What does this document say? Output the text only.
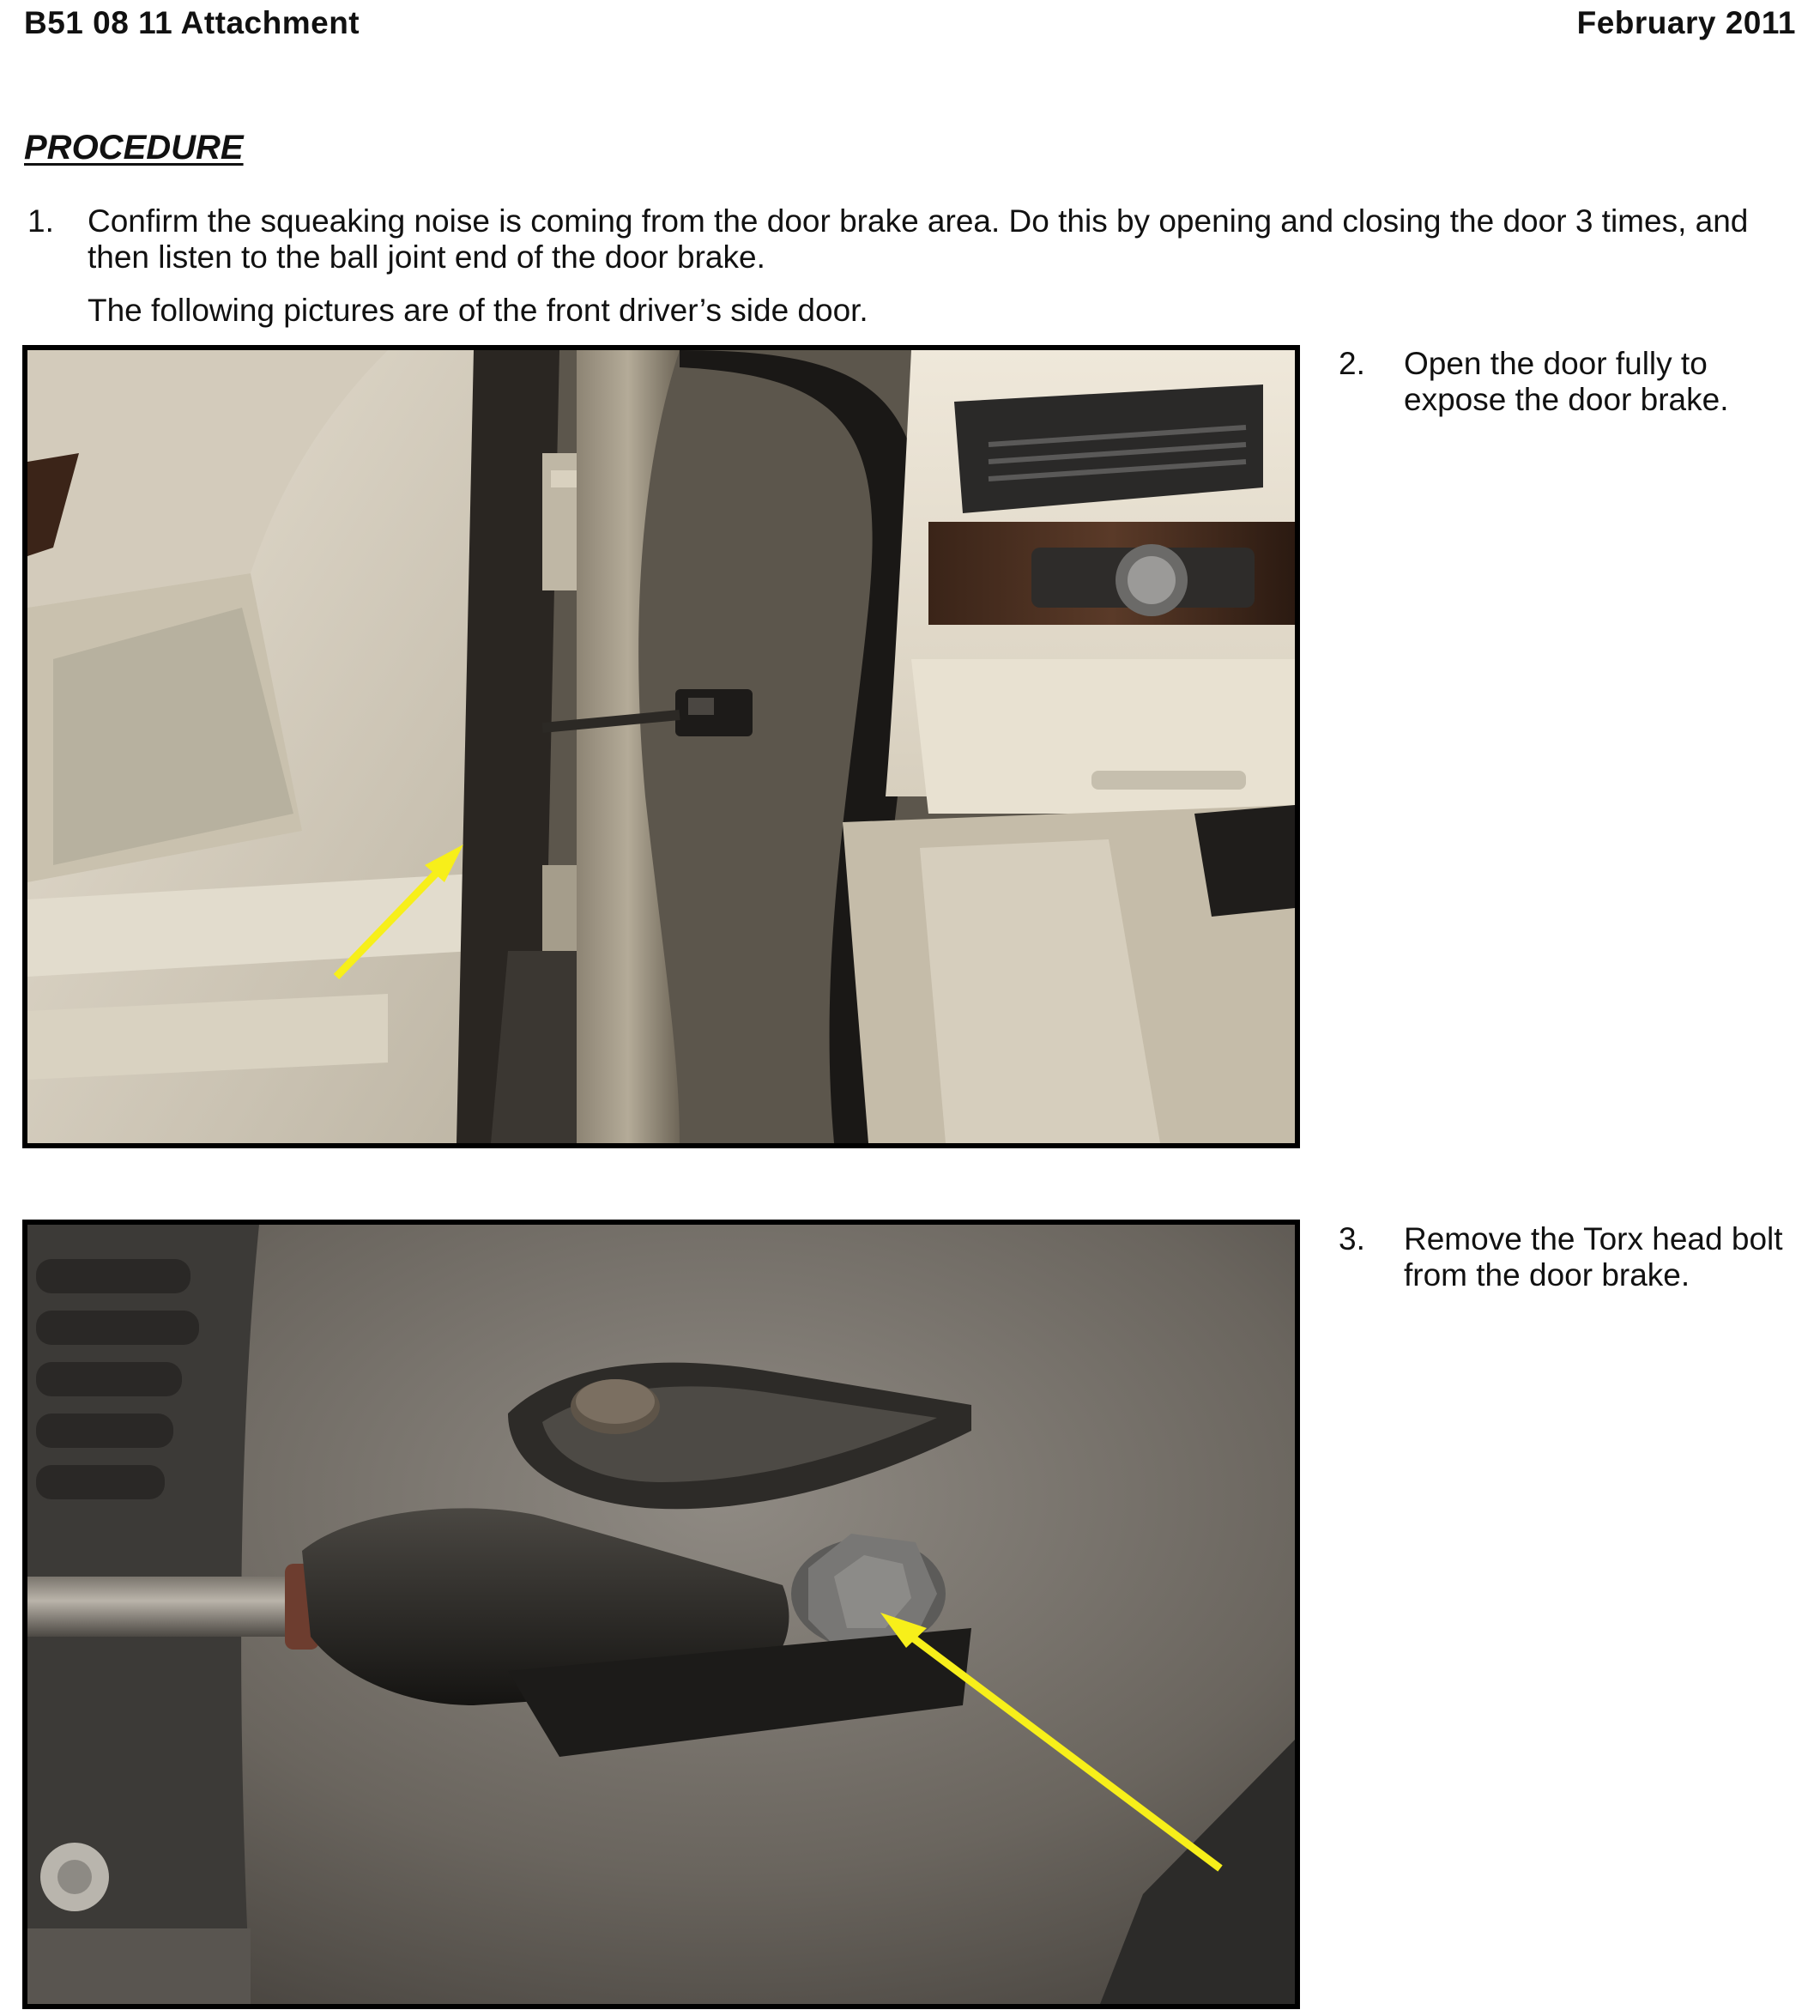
B51 08 11 Attachment	February 2011
PROCEDURE
1. Confirm the squeaking noise is coming from the door brake area. Do this by opening and closing the door 3 times, and then listen to the ball joint end of the door brake.
The following pictures are of the front driver’s side door.
2. Open the door fully to expose the door brake.
3. Remove the Torx head bolt from the door brake.
